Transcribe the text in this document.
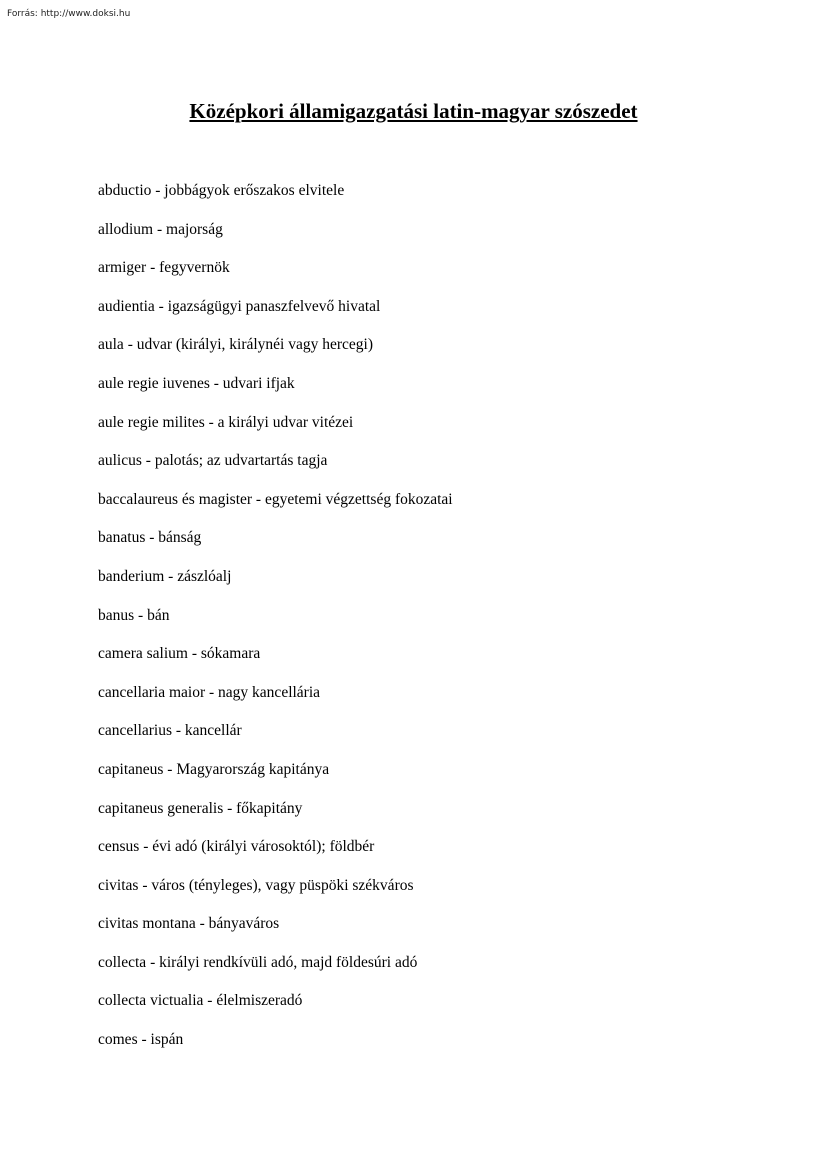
Forrás: http://www.doksi.hu
Középkori államigazgatási latin-magyar szószedet
abductio - jobbágyok erőszakos elvitele
allodium - majorság
armiger - fegyvernök
audientia - igazságügyi panaszfelvevő hivatal
aula - udvar (királyi, királynéi vagy hercegi)
aule regie iuvenes - udvari ifjak
aule regie milites - a királyi udvar vitézei
aulicus - palotás; az udvartartás tagja
baccalaureus és magister - egyetemi végzettség fokozatai
banatus - bánság
banderium - zászlóalj
banus - bán
camera salium - sókamara
cancellaria maior - nagy kancellária
cancellarius - kancellár
capitaneus - Magyarország kapitánya
capitaneus generalis - főkapitány
census - évi adó (királyi városoktól); földbér
civitas - város (tényleges), vagy püspöki székváros
civitas montana - bányaváros
collecta - királyi rendkívüli adó, majd földesúri adó
collecta victualia - élelmiszeradó
comes - ispán
